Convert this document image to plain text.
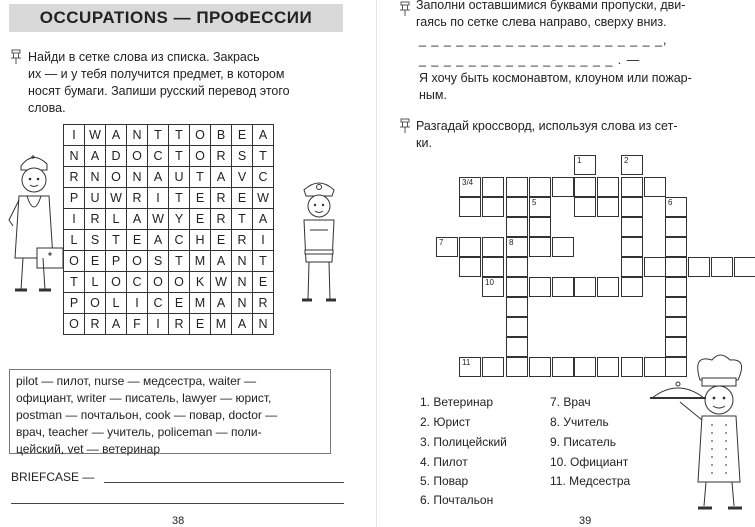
OCCUPATIONS — ПРОФЕССИИ
Найди в сетке слова из списка. Закрась
их — и у тебя получится предмет, в котором
носят бумаги. Запиши русский перевод этого
слова.
I	W	A	N	T	T	O	B	E	A
N	A	D	O	C	T	O	R	S	T
R	N	O	N	A	U	T	A	V	C
P	U	W	R	I	T	E	R	E	W
I	R	L	A	W	Y	E	R	T	A
L	S	T	E	A	C	H	E	R	I
O	E	P	O	S	T	M	A	N	T
T	L	O	C	O	O	K	W	N	E
P	O	L	I	C	E	M	A	N	R
O	R	A	F	I	R	E	M	A	N
pilot — пилот, nurse — медсестра, waiter —
официант, writer — писатель, lawyer — юрист,
postman — почтальон, cook — повар, doctor —
врач, teacher — учитель, policeman — поли-
цейский, vet — ветеринар
BRIEFCASE —
38
Заполни оставшимися буквами пропуски, дви-
гаясь по сетке слева направо, сверху вниз.
_ _ _ _ _ _ _ _ _ _ _ _ _ _ _ _ _ _ _ _,
_ _ _ _ _ _ _ _ _ _ _ _ _ _ _ _ . —
Я хочу быть космонавтом, клоуном или пожар-
ным.
Разгадай кроссворд, используя слова из сет-
ки.
1	2
3/4
5	6
7	8
10
11
1. Ветеринар
2. Юрист
3. Полицейский
4. Пилот
5. Повар
6. Почтальон
7. Врач
8. Учитель
9. Писатель
10. Официант
11. Медсестра
39
